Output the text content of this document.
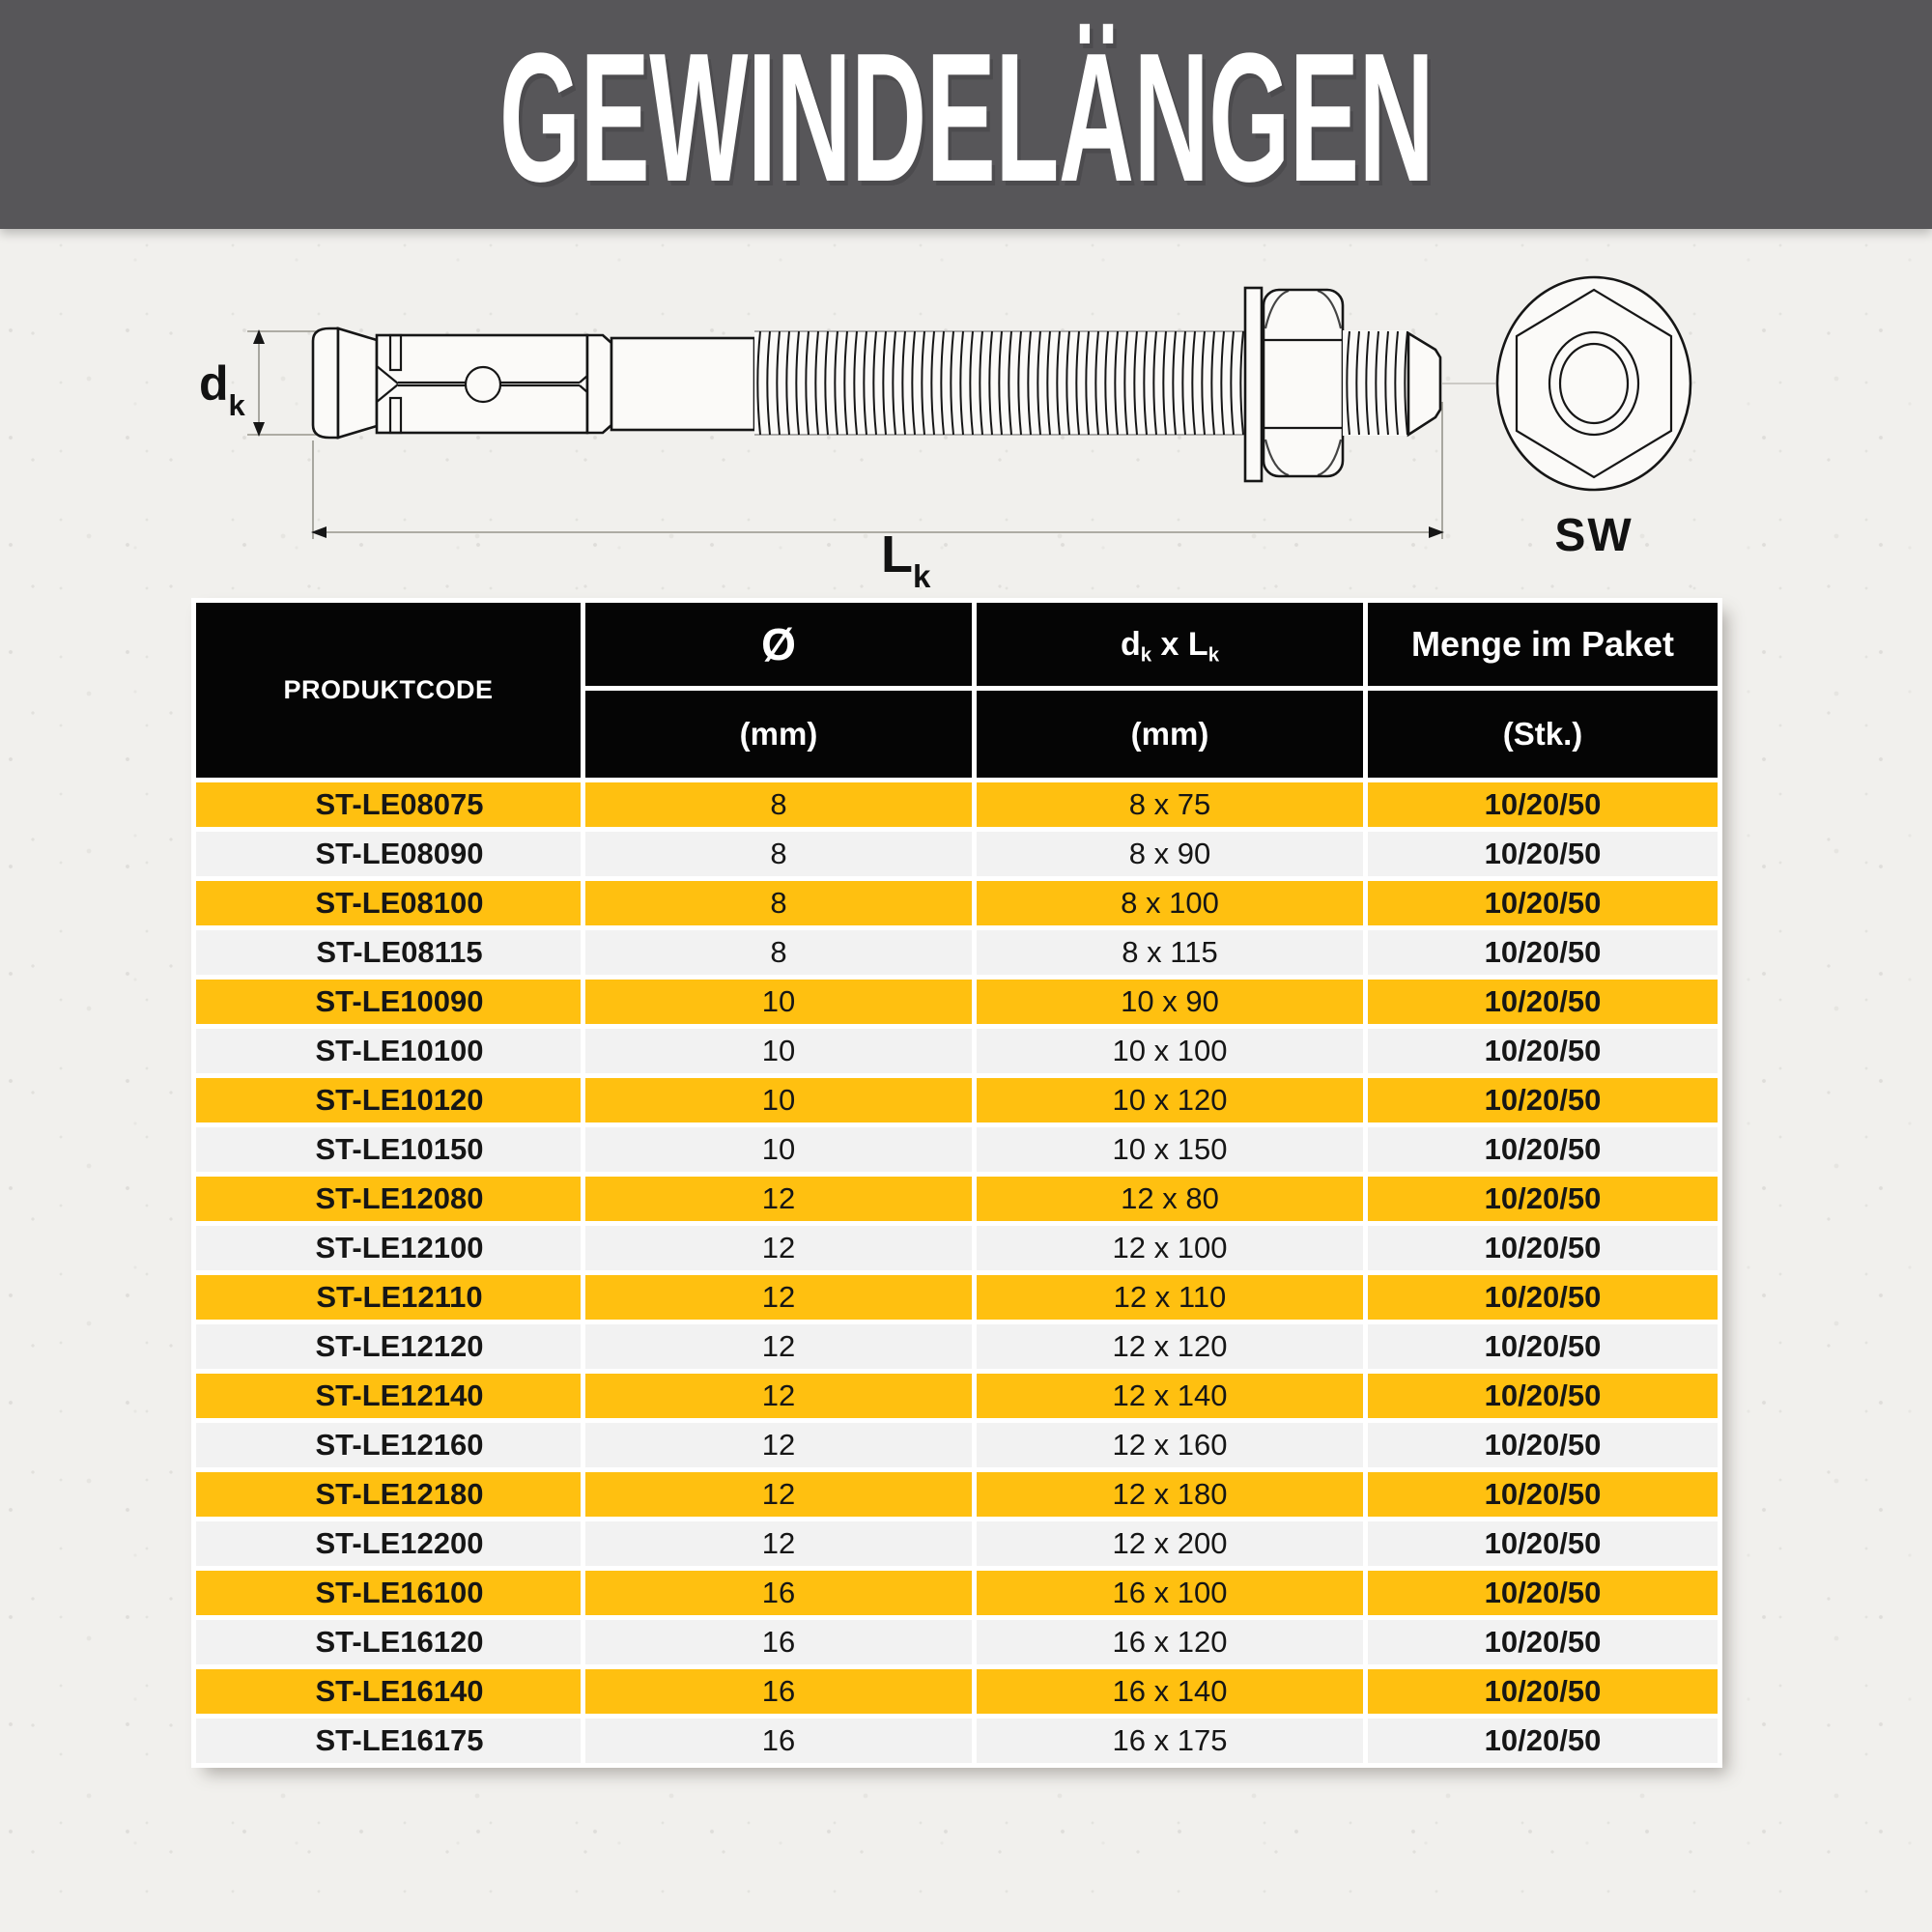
GEWINDELÄNGEN
$d_k$
$L_k$
SW
PRODUKTCODE	Ø	$d_k$ x $L_k$	Menge im Paket
	(mm)	(mm)	(Stk.)
ST-LE08075	8	8 x 75	10/20/50
ST-LE08090	8	8 x 90	10/20/50
ST-LE08100	8	8 x 100	10/20/50
ST-LE08115	8	8 x 115	10/20/50
ST-LE10090	10	10 x 90	10/20/50
ST-LE10100	10	10 x 100	10/20/50
ST-LE10120	10	10 x 120	10/20/50
ST-LE10150	10	10 x 150	10/20/50
ST-LE12080	12	12 x 80	10/20/50
ST-LE12100	12	12 x 100	10/20/50
ST-LE12110	12	12 x 110	10/20/50
ST-LE12120	12	12 x 120	10/20/50
ST-LE12140	12	12 x 140	10/20/50
ST-LE12160	12	12 x 160	10/20/50
ST-LE12180	12	12 x 180	10/20/50
ST-LE12200	12	12 x 200	10/20/50
ST-LE16100	16	16 x 100	10/20/50
ST-LE16120	16	16 x 120	10/20/50
ST-LE16140	16	16 x 140	10/20/50
ST-LE16175	16	16 x 175	10/20/50
